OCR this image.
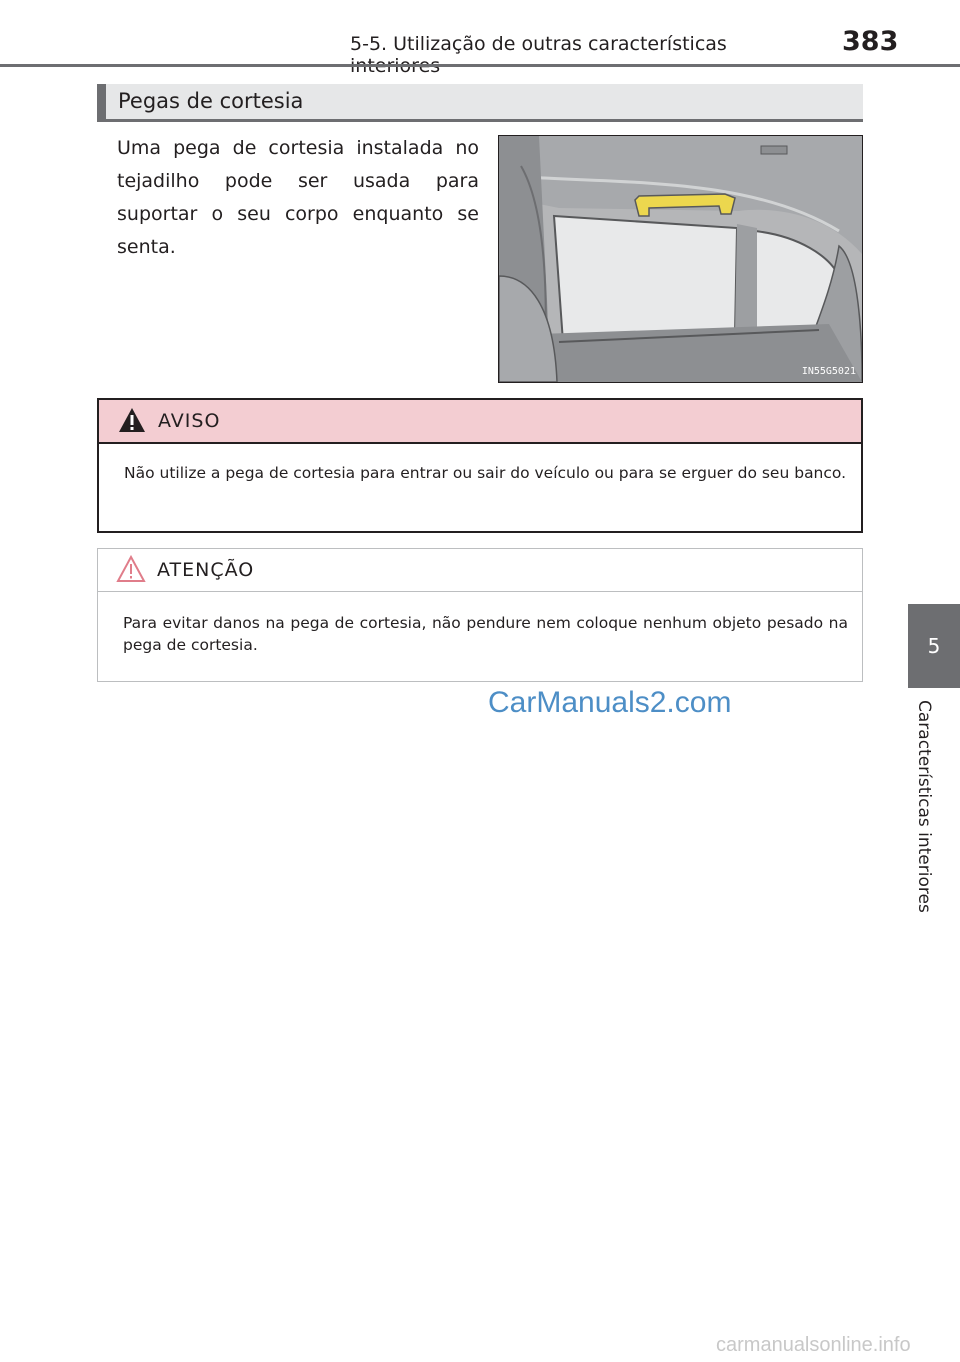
5-5. Utilização de outras características	383
5
Características interiores
Pegas de cortesia
Uma pega de cortesia instalada no tejadilho pode ser usada para suportar o seu corpo enquanto se senta.
IN55G5021
AVISO
Não utilize a pega de cortesia para entrar ou sair do veículo ou para se erguer do seu banco.
ATENÇÃO
Para evitar danos na pega de cortesia, não pendure nem coloque nenhum objeto pesado na pega de cortesia.
CarManuals2.com
carmanualsonline.info
